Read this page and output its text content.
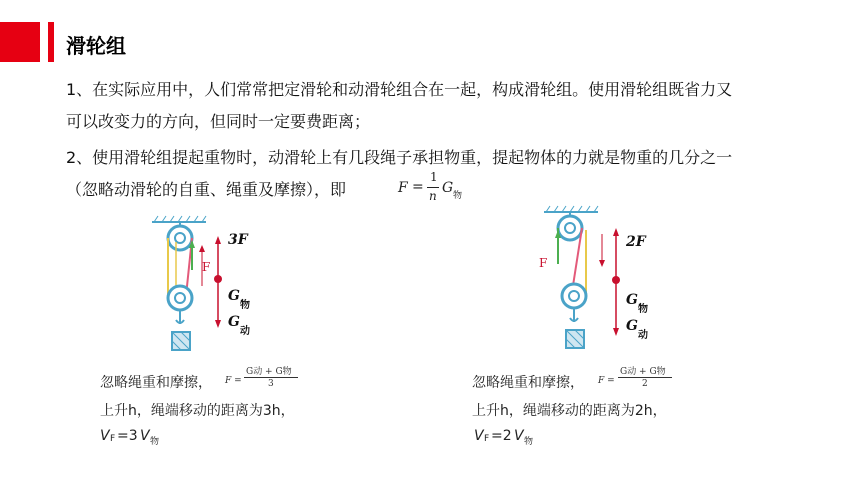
滑轮组
1、在实际应用中，人们常常把定滑轮和动滑轮组合在一起，构成滑轮组。使用滑轮组既省力又
可以改变力的方向，但同时一定要费距离；
2、使用滑轮组提起重物时，动滑轮上有几段绳子承担物重，提起物体的力就是物重的几分之一
（忽略动滑轮的自重、绳重及摩擦），即	F =
1
n G 物
3F
F
G
物
G
动
忽略绳重和摩擦， F =
G动 + G物
3
上升h，绳端移动的距离为3h，
V F =3 V 物
2F
F
G
物
G
动
忽略绳重和摩擦， F =
G动 + G物
2
上升h，绳端移动的距离为2h，
V F =2 V 物
